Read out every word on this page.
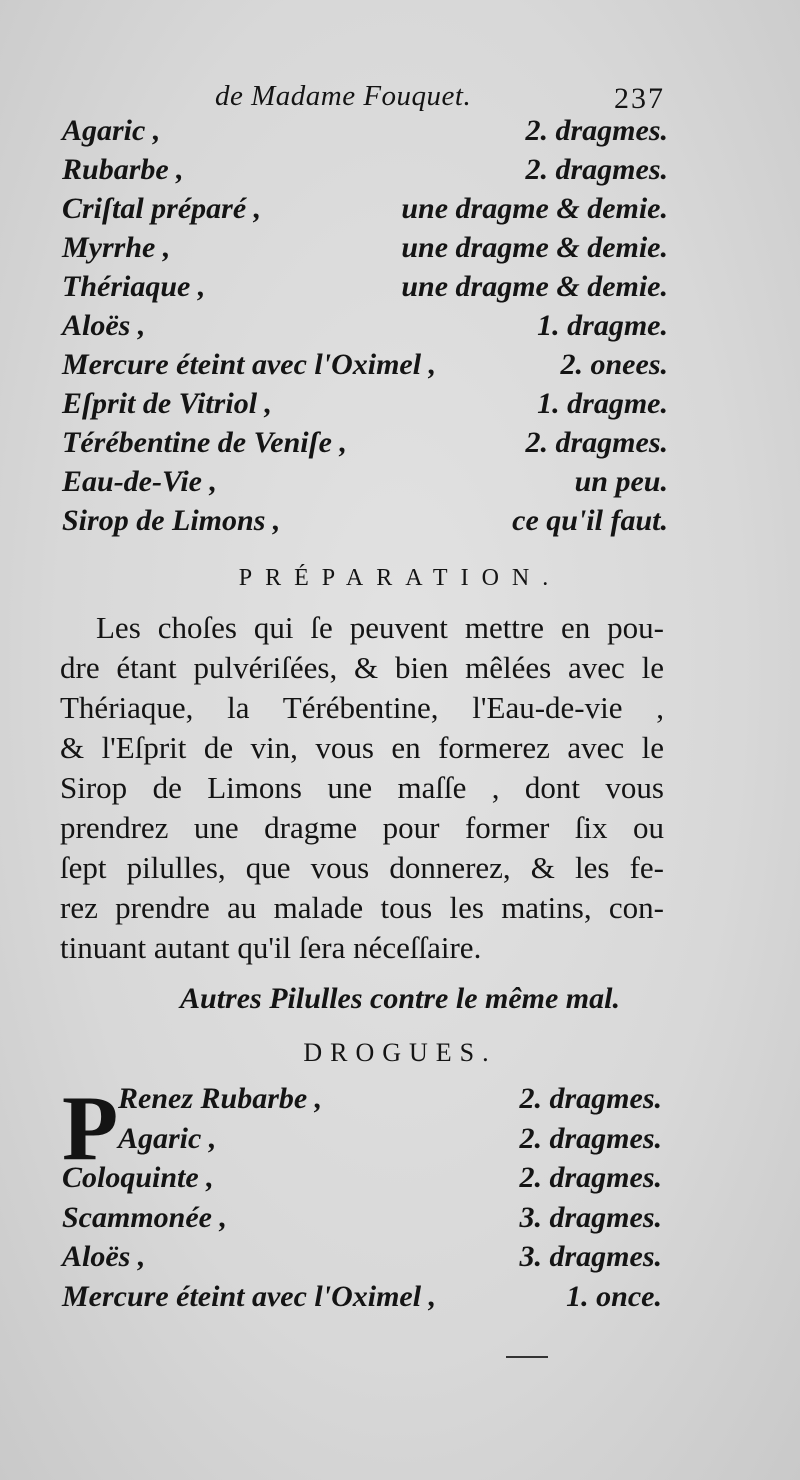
de Madame Fouquet.	237
Agaric ,	2. dragmes.
Rubarbe ,	2. dragmes.
Criſtal préparé ,	une dragme & demie.
Myrrhe ,	une dragme & demie.
Thériaque ,	une dragme & demie.
Aloës ,	1. dragme.
Mercure éteint avec l'Oximel ,	2. onees.
Eſprit de Vitriol ,	1. dragme.
Térébentine de Veniſe ,	2. dragmes.
Eau-de-Vie ,	un peu.
Sirop de Limons ,	ce qu'il faut.
PRÉPARATION.
Les choſes qui ſe peuvent mettre en pou-
dre étant pulvériſées, & bien mêlées avec le
Thériaque, la Térébentine, l'Eau-de-vie ,
& l'Eſprit de vin, vous en formerez avec le
Sirop de Limons une maſſe , dont vous
prendrez une dragme pour former ſix ou
ſept pilulles, que vous donnerez, & les fe-
rez prendre au malade tous les matins, con-
tinuant autant qu'il ſera néceſſaire.
Autres Pilulles contre le même mal.
DROGUES.
P Renez Rubarbe ,	2. dragmes.
Agaric ,	2. dragmes.
Coloquinte ,	2. dragmes.
Scammonée ,	3. dragmes.
Aloës ,	3. dragmes.
Mercure éteint avec l'Oximel ,	1. once.
